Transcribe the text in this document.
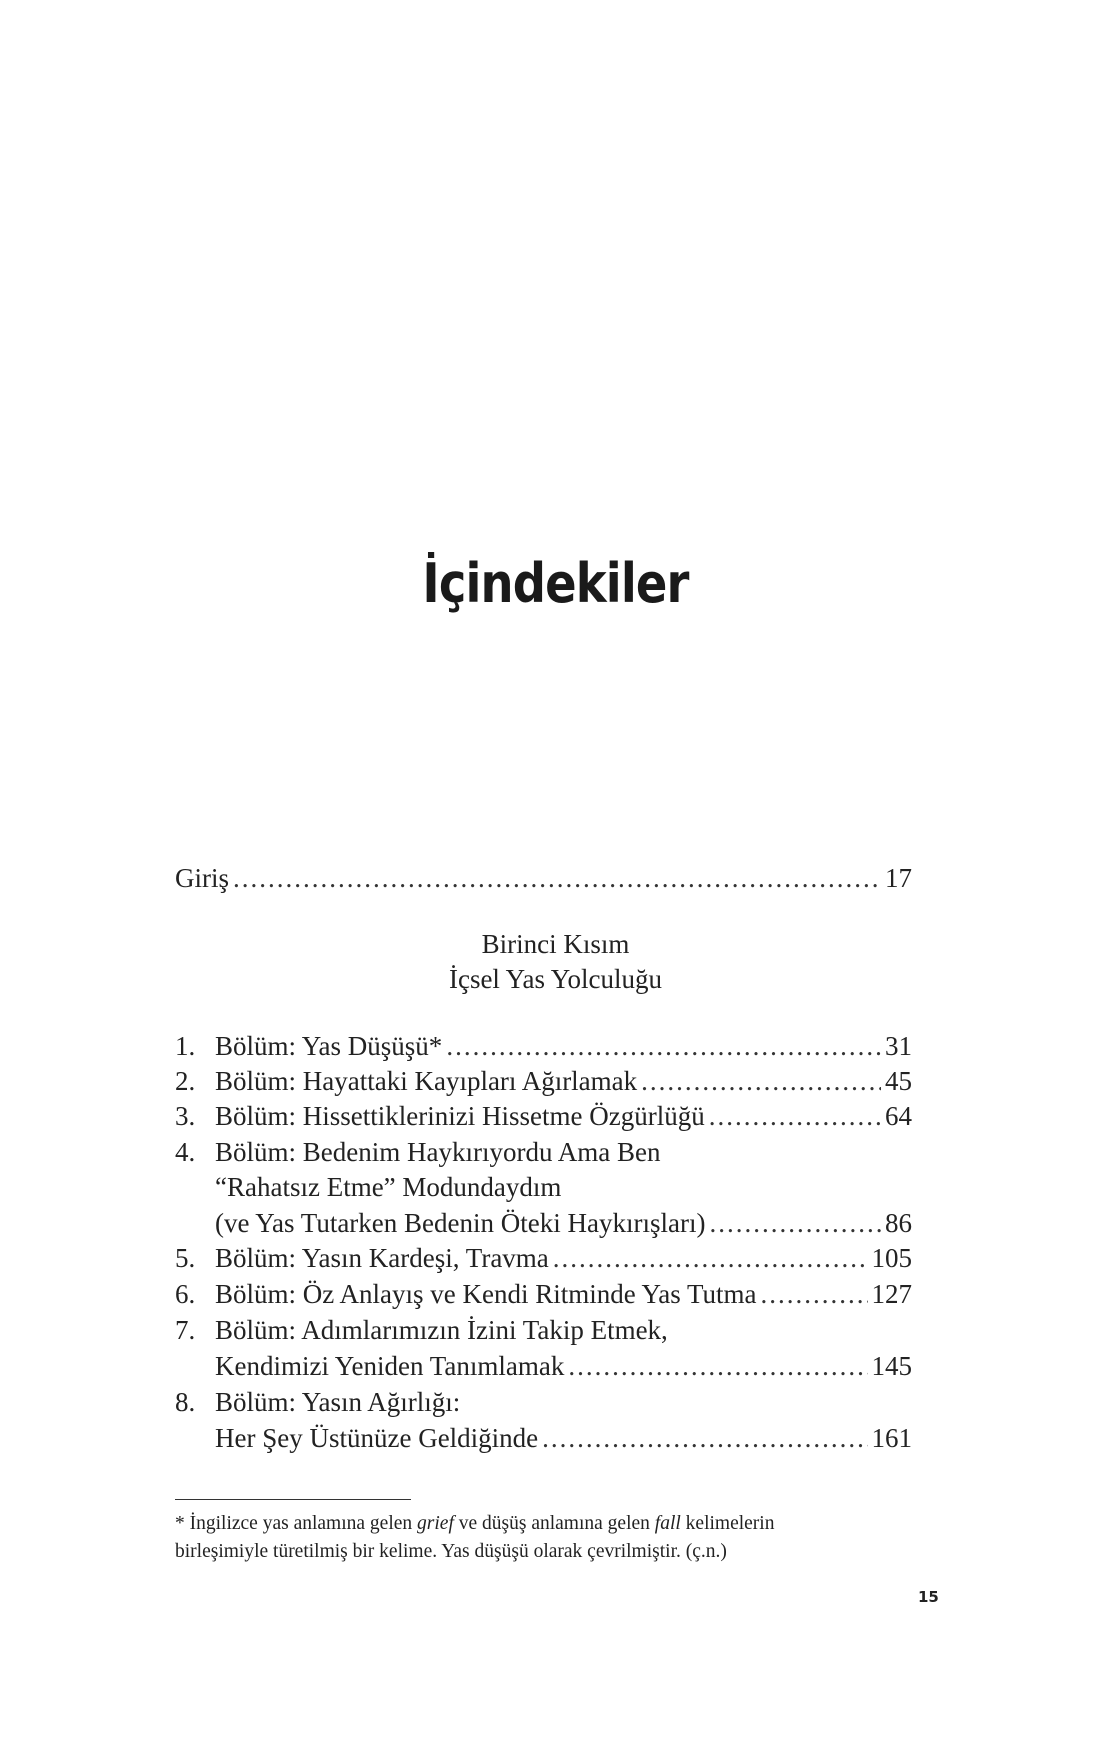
İçindekiler
Giriş .....	17
Birinci Kısım
İçsel Yas Yolculuğu
1. Bölüm: Yas Düşüşü* .....	31
2. Bölüm: Hayattaki Kayıpları Ağırlamak .....	45
3. Bölüm: Hissettiklerinizi Hissetme Özgürlüğü .....	64
4. Bölüm: Bedenim Haykırıyordu Ama Ben
“Rahatsız Etme” Modundaydım
(ve Yas Tutarken Bedenin Öteki Haykırışları) .....	86
5. Bölüm: Yasın Kardeşi, Travma .....	105
6. Bölüm: Öz Anlayış ve Kendi Ritminde Yas Tutma .....	127
7. Bölüm: Adımlarımızın İzini Takip Etmek,
Kendimizi Yeniden Tanımlamak .....	145
8. Bölüm: Yasın Ağırlığı:
Her Şey Üstünüze Geldiğinde .....	161
* İngilizce yas anlamına gelen grief ve düşüş anlamına gelen fall kelimelerin
birleşimiyle türetilmiş bir kelime. Yas düşüşü olarak çevrilmiştir. (ç.n.)
15
